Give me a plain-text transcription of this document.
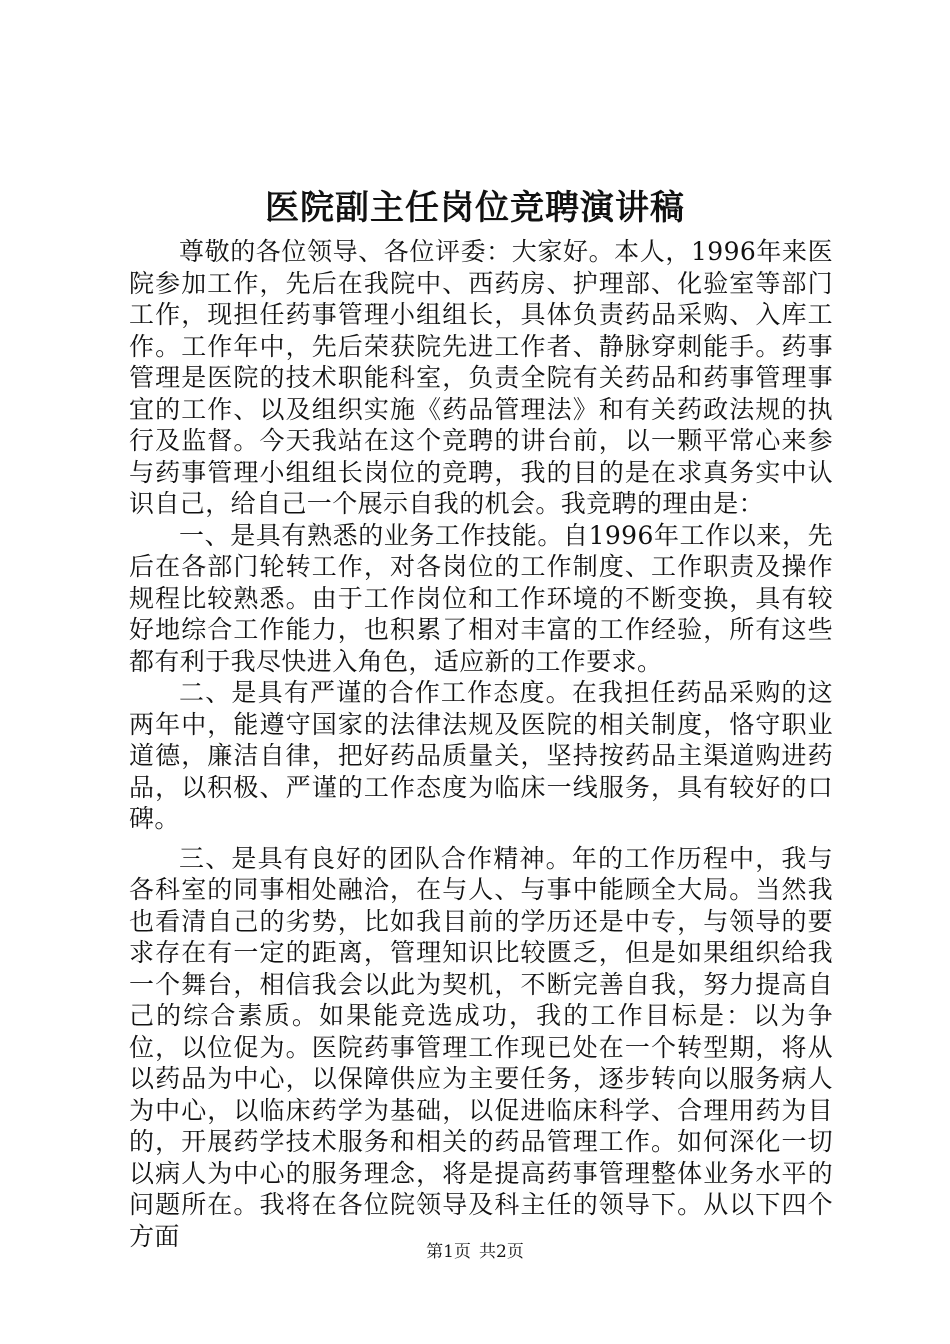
医院副主任岗位竞聘演讲稿

尊敬的各位领导、各位评委：大家好。本人，1996年来医院参加工作，先后在我院中、西药房、护理部、化验室等部门工作，现担任药事管理小组组长，具体负责药品采购、入库工作。工作年中，先后荣获院先进工作者、静脉穿刺能手。药事管理是医院的技术职能科室，负责全院有关药品和药事管理事宜的工作、以及组织实施《药品管理法》和有关药政法规的执行及监督。今天我站在这个竞聘的讲台前，以一颗平常心来参与药事管理小组组长岗位的竞聘，我的目的是在求真务实中认识自己，给自己一个展示自我的机会。我竞聘的理由是：

一、是具有熟悉的业务工作技能。自1996年工作以来，先后在各部门轮转工作，对各岗位的工作制度、工作职责及操作规程比较熟悉。由于工作岗位和工作环境的不断变换，具有较好地综合工作能力，也积累了相对丰富的工作经验，所有这些都有利于我尽快进入角色，适应新的工作要求。

二、是具有严谨的合作工作态度。在我担任药品采购的这两年中，能遵守国家的法律法规及医院的相关制度，恪守职业道德，廉洁自律，把好药品质量关，坚持按药品主渠道购进药品，以积极、严谨的工作态度为临床一线服务，具有较好的口碑。

三、是具有良好的团队合作精神。年的工作历程中，我与各科室的同事相处融洽，在与人、与事中能顾全大局。当然我也看清自己的劣势，比如我目前的学历还是中专，与领导的要求存在有一定的距离，管理知识比较匮乏，但是如果组织给我一个舞台，相信我会以此为契机，不断完善自我，努力提高自己的综合素质。如果能竞选成功，我的工作目标是：以为争位，以位促为。医院药事管理工作现已处在一个转型期，将从以药品为中心，以保障供应为主要任务，逐步转向以服务病人为中心，以临床药学为基础，以促进临床科学、合理用药为目的，开展药学技术服务和相关的药品管理工作。如何深化一切以病人为中心的服务理念，将是提高药事管理整体业务水平的问题所在。我将在各位院领导及科主任的领导下。从以下四个方面

第1页 共2页
